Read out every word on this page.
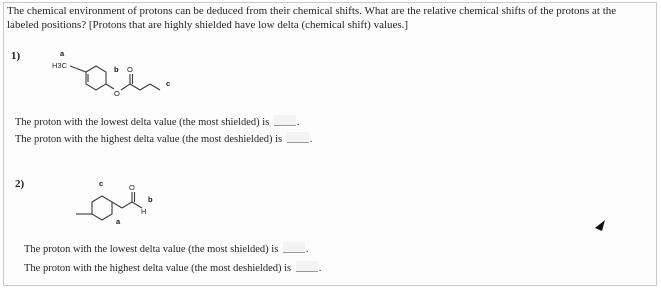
The chemical environment of protons can be deduced from their chemical shifts. What are the relative chemical shifts of the protons at the labeled positions? [Protons that are highly shielded have low delta (chemical shift) values.]
1)	a
H3C
O
O
b
c
The proton with the lowest delta value (the most shielded) is	.
The proton with the highest delta value (the most deshielded) is	.
2)	c	O
H
b
a
The proton with the lowest delta value (the most shielded) is	.
The proton with the highest delta value (the most deshielded) is	.
